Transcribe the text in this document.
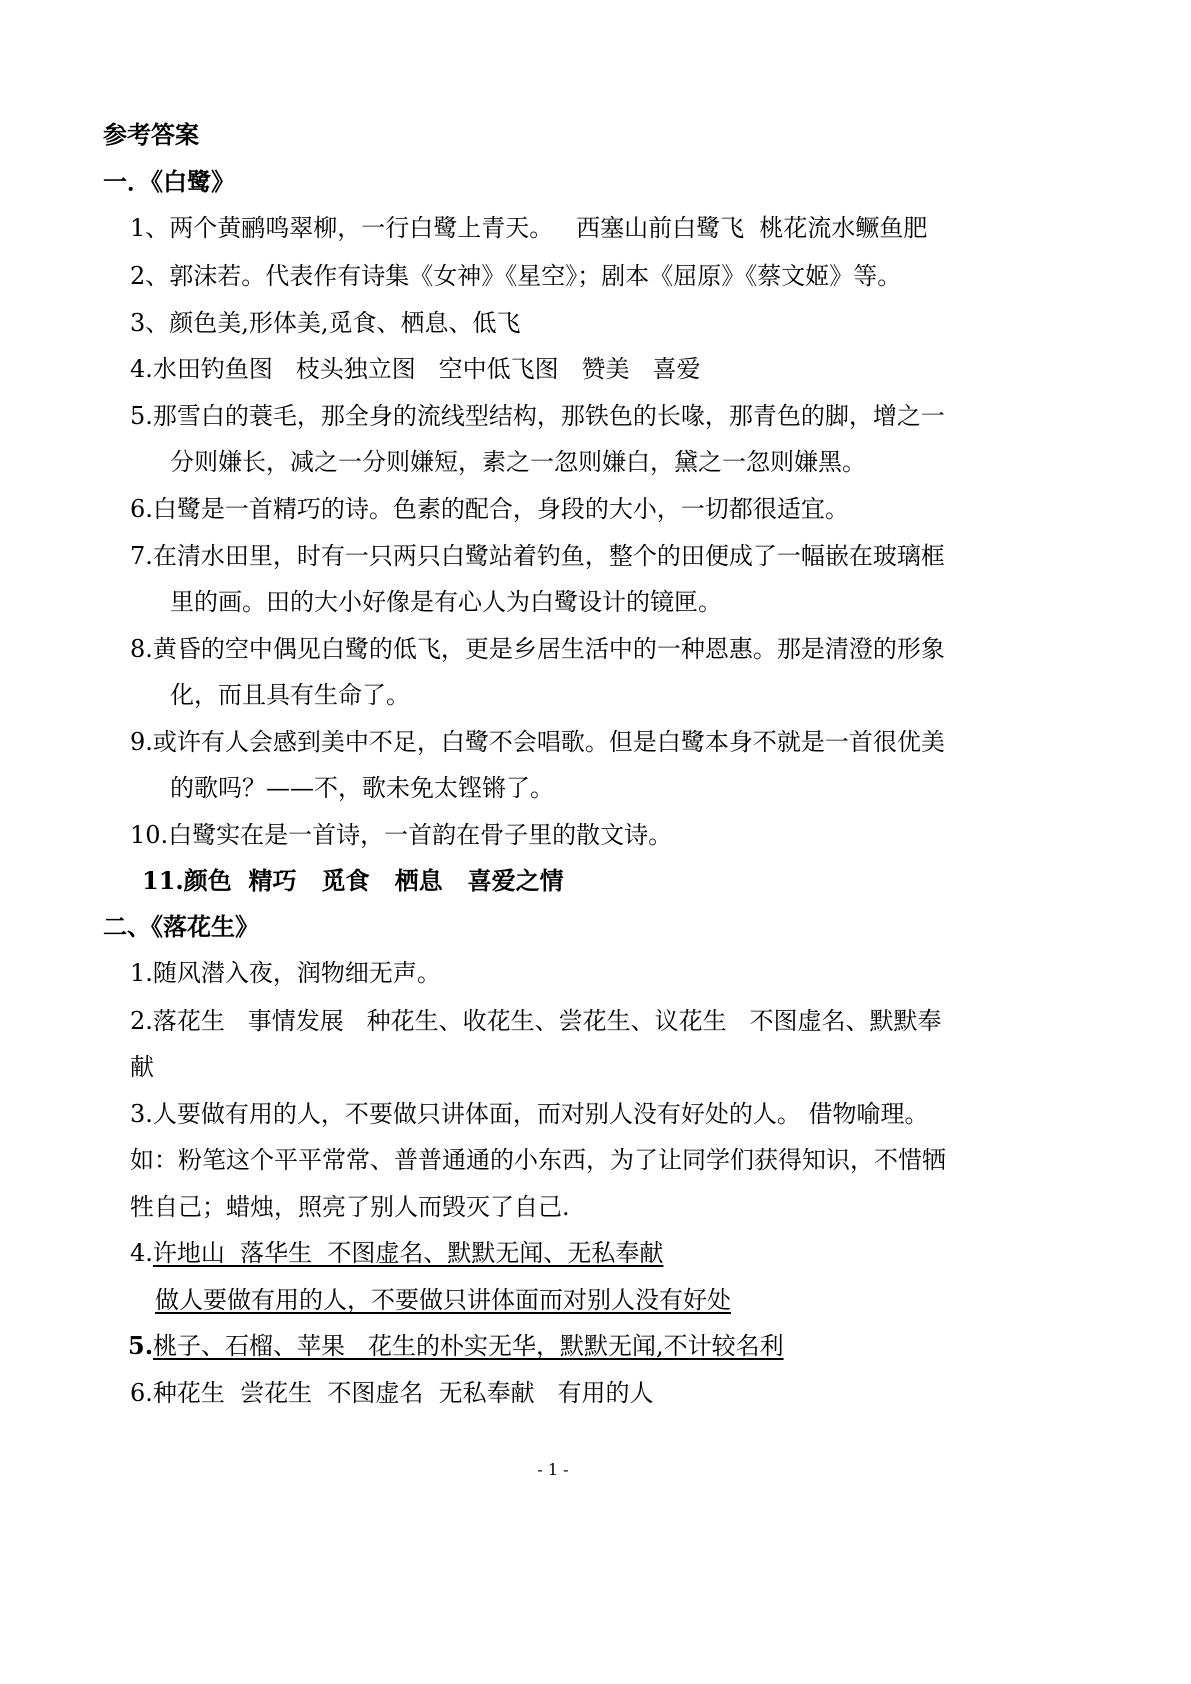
参考答案
一．《白鹭》
1、两个黄鹂鸣翠柳，一行白鹭上青天。   西塞山前白鹭飞  桃花流水鳜鱼肥
2、郭沫若。代表作有诗集《女神》《星空》；剧本《屈原》《蔡文姬》等。
3、颜色美,形体美,觅食、栖息、低飞
4.水田钓鱼图   枝头独立图   空中低飞图   赞美   喜爱
5.那雪白的蓑毛，那全身的流线型结构，那铁色的长喙，那青色的脚，增之一
分则嫌长，减之一分则嫌短，素之一忽则嫌白，黛之一忽则嫌黑。
6.白鹭是一首精巧的诗。色素的配合，身段的大小，一切都很适宜。
7.在清水田里，时有一只两只白鹭站着钓鱼，整个的田便成了一幅嵌在玻璃框
里的画。田的大小好像是有心人为白鹭设计的镜匣。
8.黄昏的空中偶见白鹭的低飞，更是乡居生活中的一种恩惠。那是清澄的形象
化，而且具有生命了。
9.或许有人会感到美中不足，白鹭不会唱歌。但是白鹭本身不就是一首很优美
的歌吗？——不，歌未免太铿锵了。
10.白鹭实在是一首诗，一首韵在骨子里的散文诗。
11.颜色  精巧   觅食   栖息   喜爱之情
二、《落花生》
1.随风潜入夜，润物细无声。
2.落花生   事情发展   种花生、收花生、尝花生、议花生   不图虚名、默默奉
献
3.人要做有用的人，不要做只讲体面，而对别人没有好处的人。 借物喻理。
如：粉笔这个平平常常、普普通通的小东西，为了让同学们获得知识，不惜牺
牲自己；蜡烛，照亮了别人而毁灭了自己.
4.许地山  落华生  不图虚名、默默无闻、无私奉献
做人要做有用的人，不要做只讲体面而对别人没有好处
5.桃子、石榴、苹果   花生的朴实无华，默默无闻,不计较名利
6.种花生  尝花生  不图虚名  无私奉献   有用的人
- 1 -
